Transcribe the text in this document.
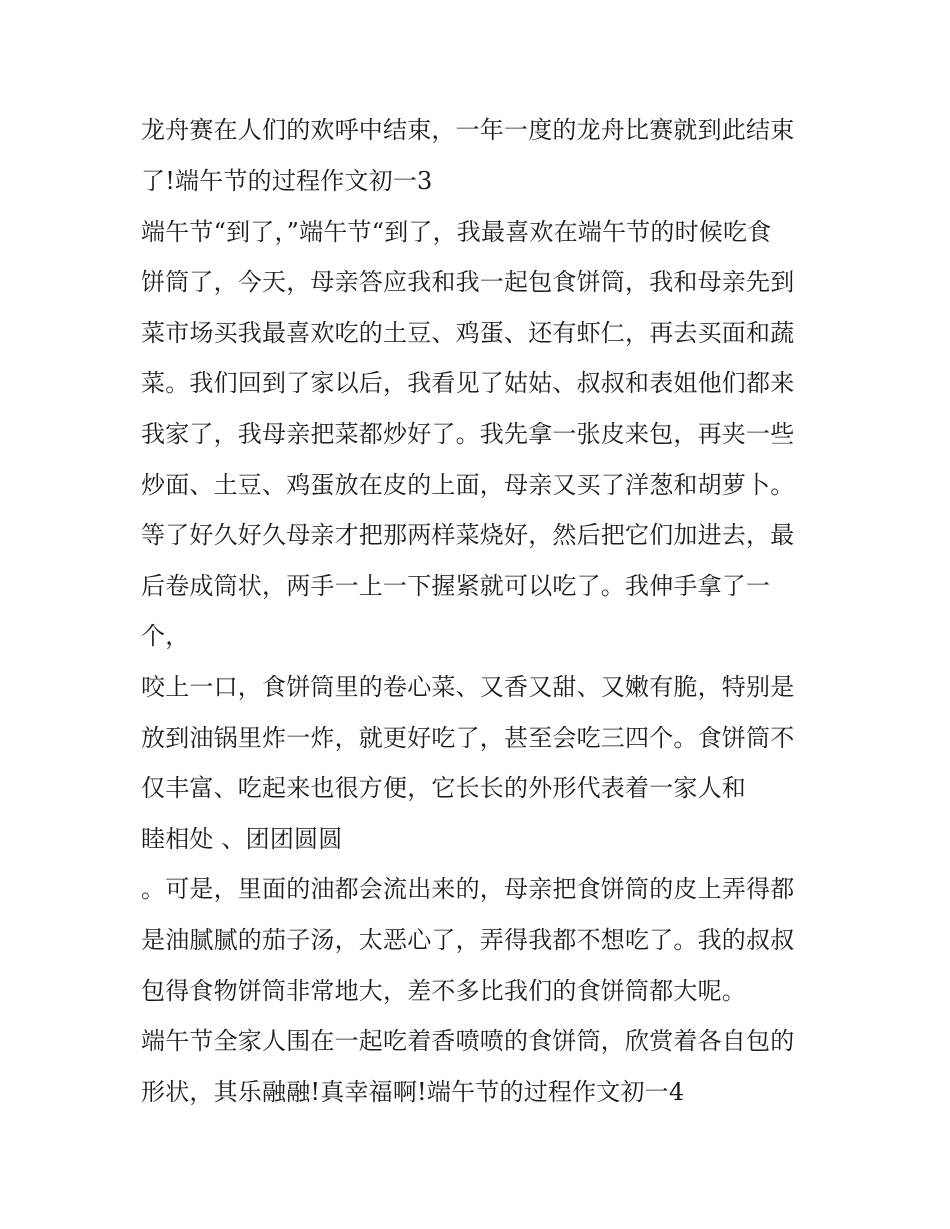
龙舟赛在人们的欢呼中结束，一年一度的龙舟比赛就到此结束
了!端午节的过程作文初一3
端午节“到了，”端午节“到了，我最喜欢在端午节的时候吃食
饼筒了，今天，母亲答应我和我一起包食饼筒，我和母亲先到
菜市场买我最喜欢吃的土豆、鸡蛋、还有虾仁，再去买面和蔬
菜。我们回到了家以后，我看见了姑姑、叔叔和表姐他们都来
我家了，我母亲把菜都炒好了。我先拿一张皮来包，再夹一些
炒面、土豆、鸡蛋放在皮的上面，母亲又买了洋葱和胡萝卜。
等了好久好久母亲才把那两样菜烧好，然后把它们加进去，最
后卷成筒状，两手一上一下握紧就可以吃了。我伸手拿了一
个，
咬上一口，食饼筒里的卷心菜、又香又甜、又嫩有脆，特别是
放到油锅里炸一炸，就更好吃了，甚至会吃三四个。食饼筒不
仅丰富、吃起来也很方便，它长长的外形代表着一家人和
睦相处 、团团圆圆
。可是，里面的油都会流出来的，母亲把食饼筒的皮上弄得都
是油腻腻的茄子汤，太恶心了，弄得我都不想吃了。我的叔叔
包得食物饼筒非常地大，差不多比我们的食饼筒都大呢。
端午节全家人围在一起吃着香喷喷的食饼筒，欣赏着各自包的
形状，其乐融融!真幸福啊!端午节的过程作文初一4
